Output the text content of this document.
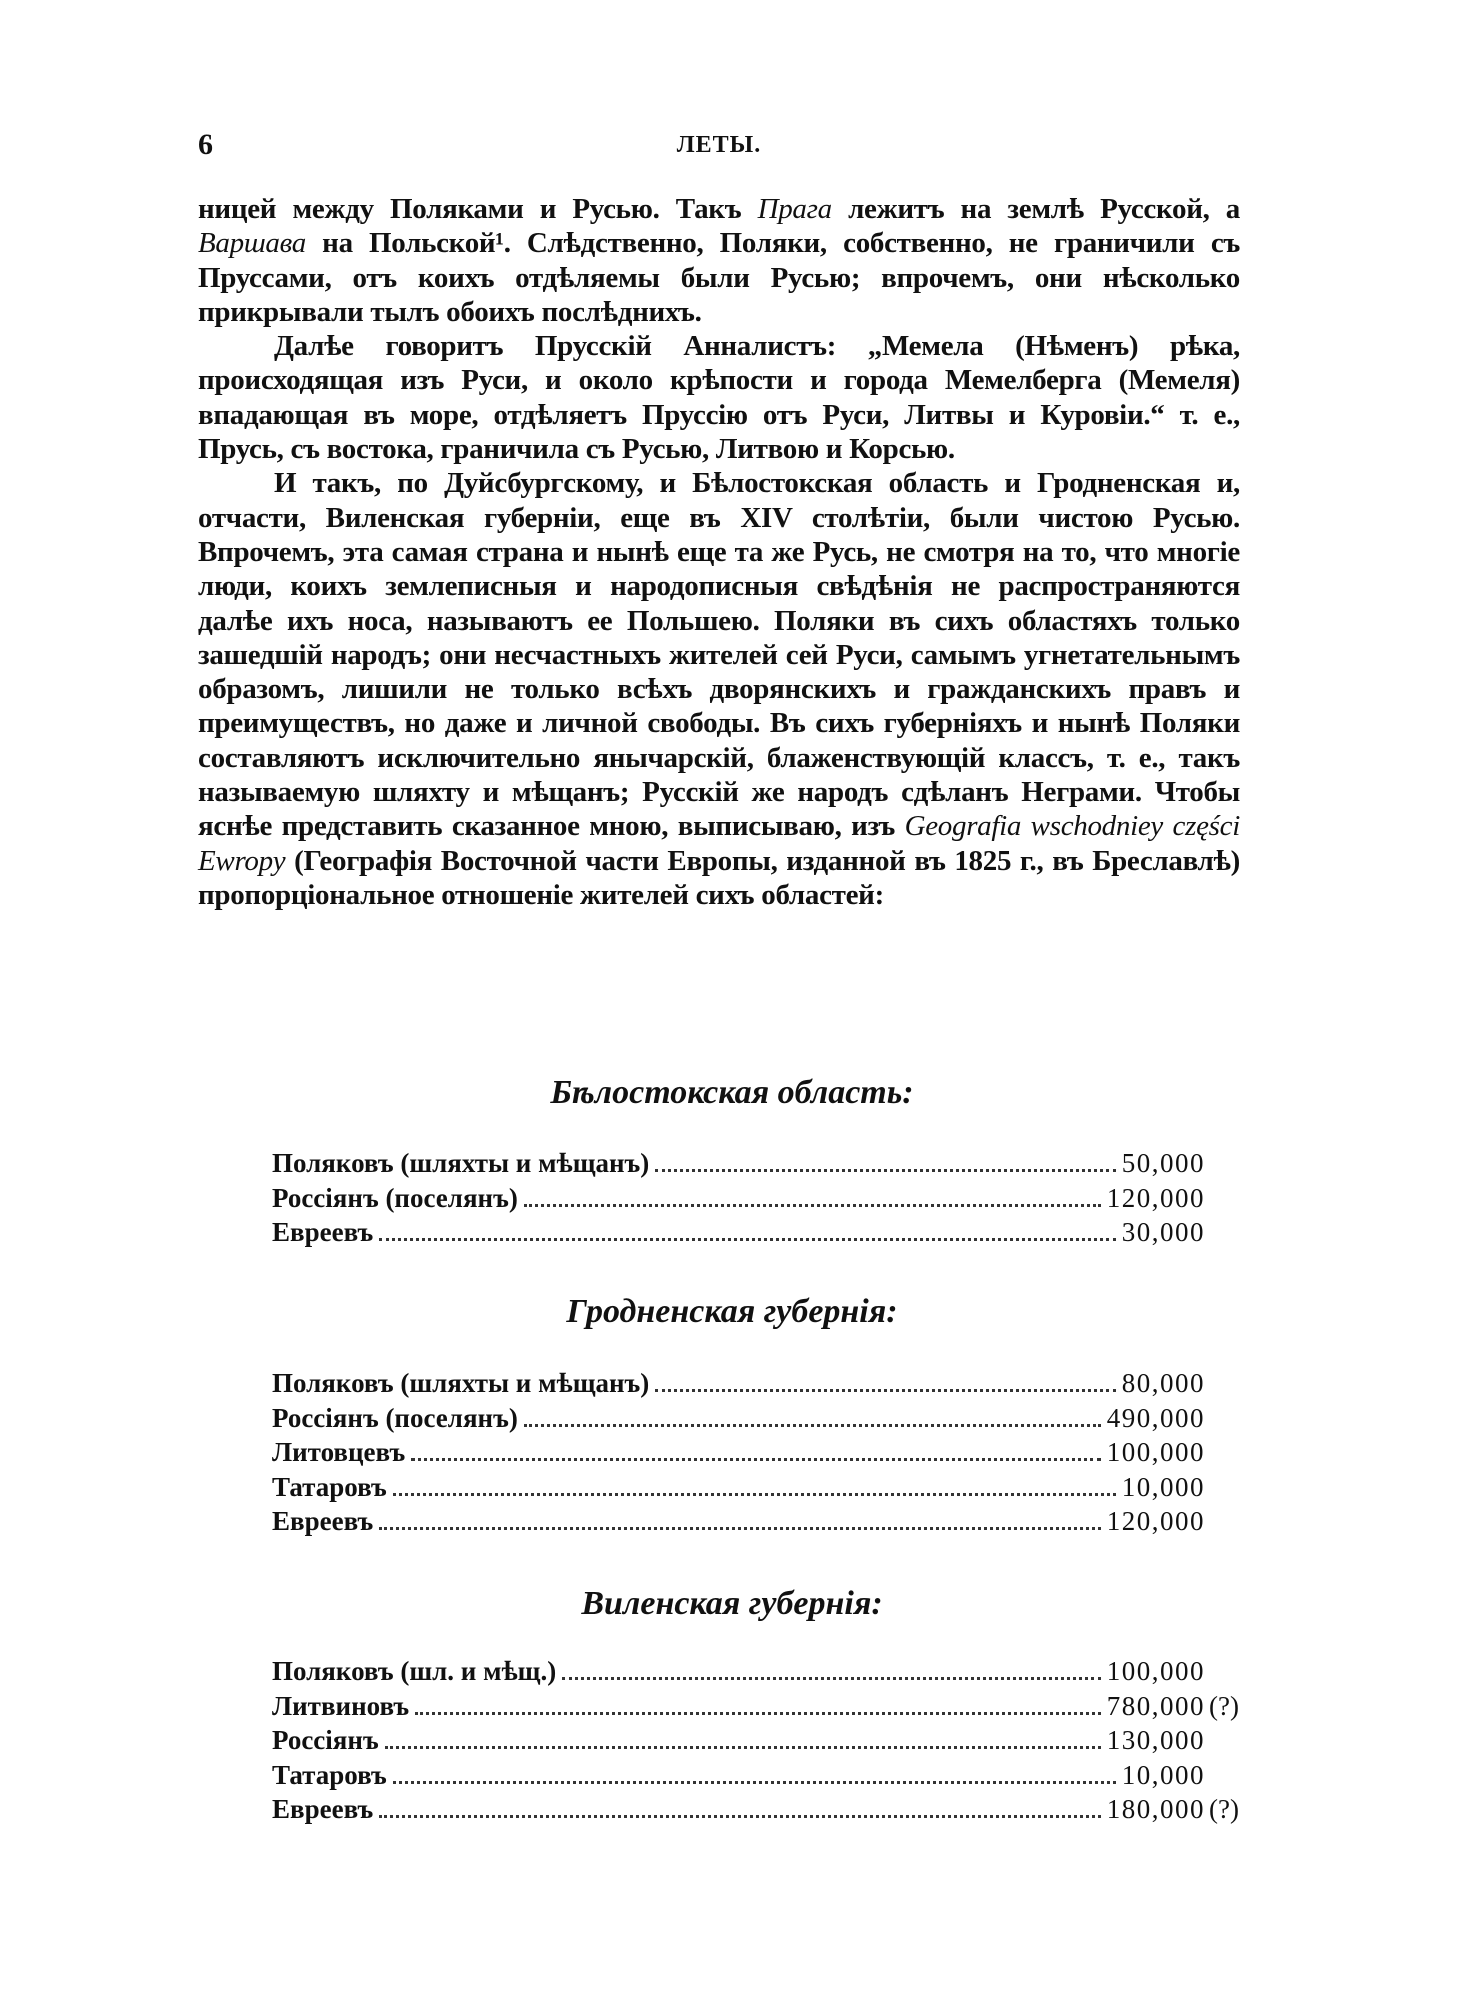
6	ЛЕТЫ.

ницей между Поляками и Русью. Такъ Прага лежитъ на землѣ Русской, а Варшава на Польской¹. Слѣдственно, Поляки, собственно, не граничили съ Пруссами, отъ коихъ отдѣляемы были Русью; впрочемъ, они нѣсколько прикрывали тылъ обоихъ послѣднихъ.

Далѣе говоритъ Прусскій Анналистъ: „Мемела (Нѣменъ) рѣка, происходящая изъ Руси, и около крѣпости и города Мемелберга (Мемеля) впадающая въ море, отдѣляетъ Пруссію отъ Руси, Литвы и Куровіи.“ т. е., Прусь, съ востока, граничила съ Русью, Литвою и Корсью.

И такъ, по Дуйсбургскому, и Бѣлостокская область и Гродненская и, отчасти, Виленская губерніи, еще въ XIV столѣтіи, были чистою Русью. Впрочемъ, эта самая страна и нынѣ еще та же Русь, не смотря на то, что многіе люди, коихъ землеписныя и народописныя свѣдѣнія не распространяются далѣе ихъ носа, называютъ ее Польшею. Поляки въ сихъ областяхъ только зашедшій народъ; они несчастныхъ жителей сей Руси, самымъ угнетательнымъ образомъ, лишили не только всѣхъ дворянскихъ и гражданскихъ правъ и преимуществъ, но даже и личной свободы. Въ сихъ губерніяхъ и нынѣ Поляки составляютъ исключительно янычарскій, блаженствующій классъ, т. е., такъ называемую шляхту и мѣщанъ; Русскій же народъ сдѣланъ Неграми. Чтобы яснѣе представить сказанное мною, выписываю, изъ Geografia wschodniey części Ewropy (Географія Восточной части Европы, изданной въ 1825 г., въ Бреславлѣ) пропорціональное отношеніе жителей сихъ областей:

Бѣлостокская область:
Поляковъ (шляхты и мѣщанъ)	50,000
Россіянъ (поселянъ)	120,000
Евреевъ	30,000
Гродненская губернія:
Поляковъ (шляхты и мѣщанъ)	80,000
Россіянъ (поселянъ)	490,000
Литовцевъ	100,000
Татаровъ	10,000
Евреевъ	120,000
Виленская губернія:
Поляковъ (шл. и мѣщ.)	100,000
Литвиновъ	780,000 (?)
Россіянъ	130,000
Татаровъ	10,000
Евреевъ	180,000 (?)
